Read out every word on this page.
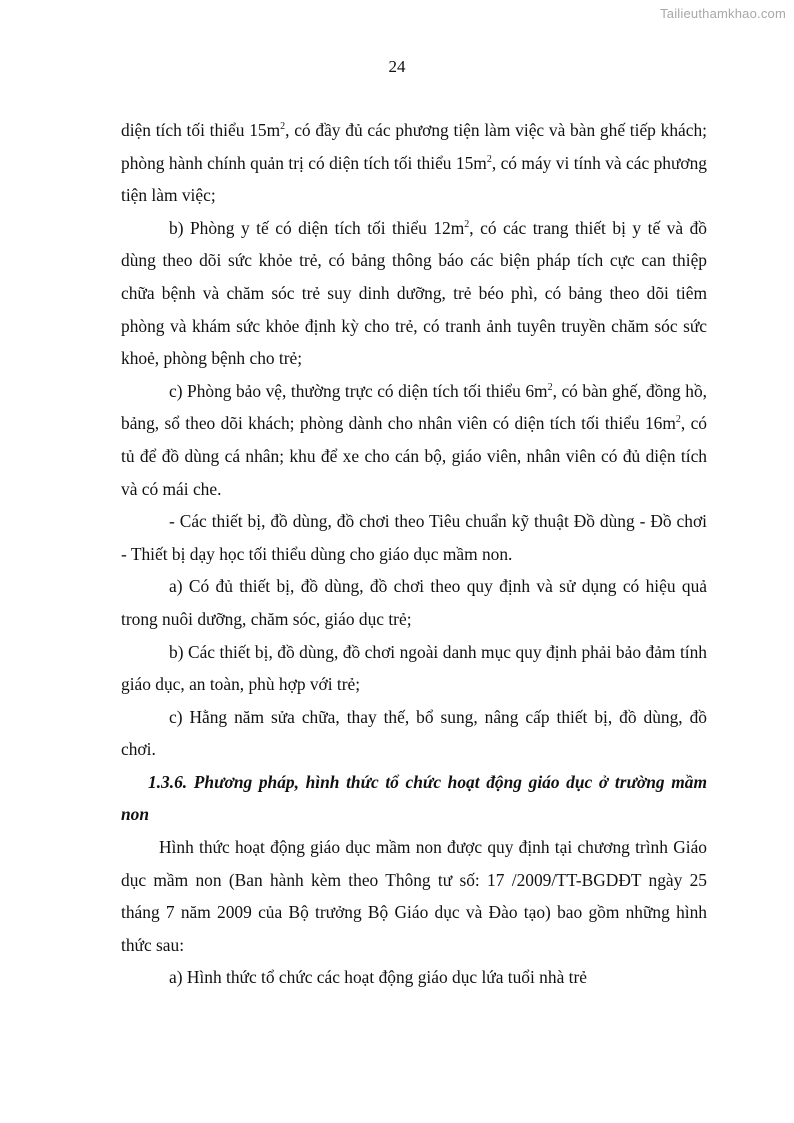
Tailieuthamkhao.com
24

diện tích tối thiểu $15m^2$, có đầy đủ các phương tiện làm việc và bàn ghế tiếp khách; phòng hành chính quản trị có diện tích tối thiểu $15m^2$, có máy vi tính và các phương tiện làm việc;

b) Phòng y tế có diện tích tối thiểu $12m^2$, có các trang thiết bị y tế và đồ dùng theo dõi sức khỏe trẻ, có bảng thông báo các biện pháp tích cực can thiệp chữa bệnh và chăm sóc trẻ suy dinh dưỡng, trẻ béo phì, có bảng theo dõi tiêm phòng và khám sức khỏe định kỳ cho trẻ, có tranh ảnh tuyên truyền chăm sóc sức khoẻ, phòng bệnh cho trẻ;

c) Phòng bảo vệ, thường trực có diện tích tối thiểu $6m^2$, có bàn ghế, đồng hồ, bảng, sổ theo dõi khách; phòng dành cho nhân viên có diện tích tối thiểu $16m^2$, có tủ để đồ dùng cá nhân; khu để xe cho cán bộ, giáo viên, nhân viên có đủ diện tích và có mái che.

- Các thiết bị, đồ dùng, đồ chơi theo Tiêu chuẩn kỹ thuật Đồ dùng - Đồ chơi - Thiết bị dạy học tối thiểu dùng cho giáo dục mầm non.

a) Có đủ thiết bị, đồ dùng, đồ chơi theo quy định và sử dụng có hiệu quả trong nuôi dưỡng, chăm sóc, giáo dục trẻ;

b) Các thiết bị, đồ dùng, đồ chơi ngoài danh mục quy định phải bảo đảm tính giáo dục, an toàn, phù hợp với trẻ;

c) Hằng năm sửa chữa, thay thế, bổ sung, nâng cấp thiết bị, đồ dùng, đồ chơi.

1.3.6. Phương pháp, hình thức tổ chức hoạt động giáo dục ở trường mầm non

Hình thức hoạt động giáo dục mầm non được quy định tại chương trình Giáo dục mầm non (Ban hành kèm theo Thông tư số: 17 /2009/TT-BGDĐT ngày 25 tháng 7 năm 2009 của Bộ trưởng Bộ Giáo dục và Đào tạo) bao gồm những hình thức sau:

a) Hình thức tổ chức các hoạt động giáo dục lứa tuổi nhà trẻ
